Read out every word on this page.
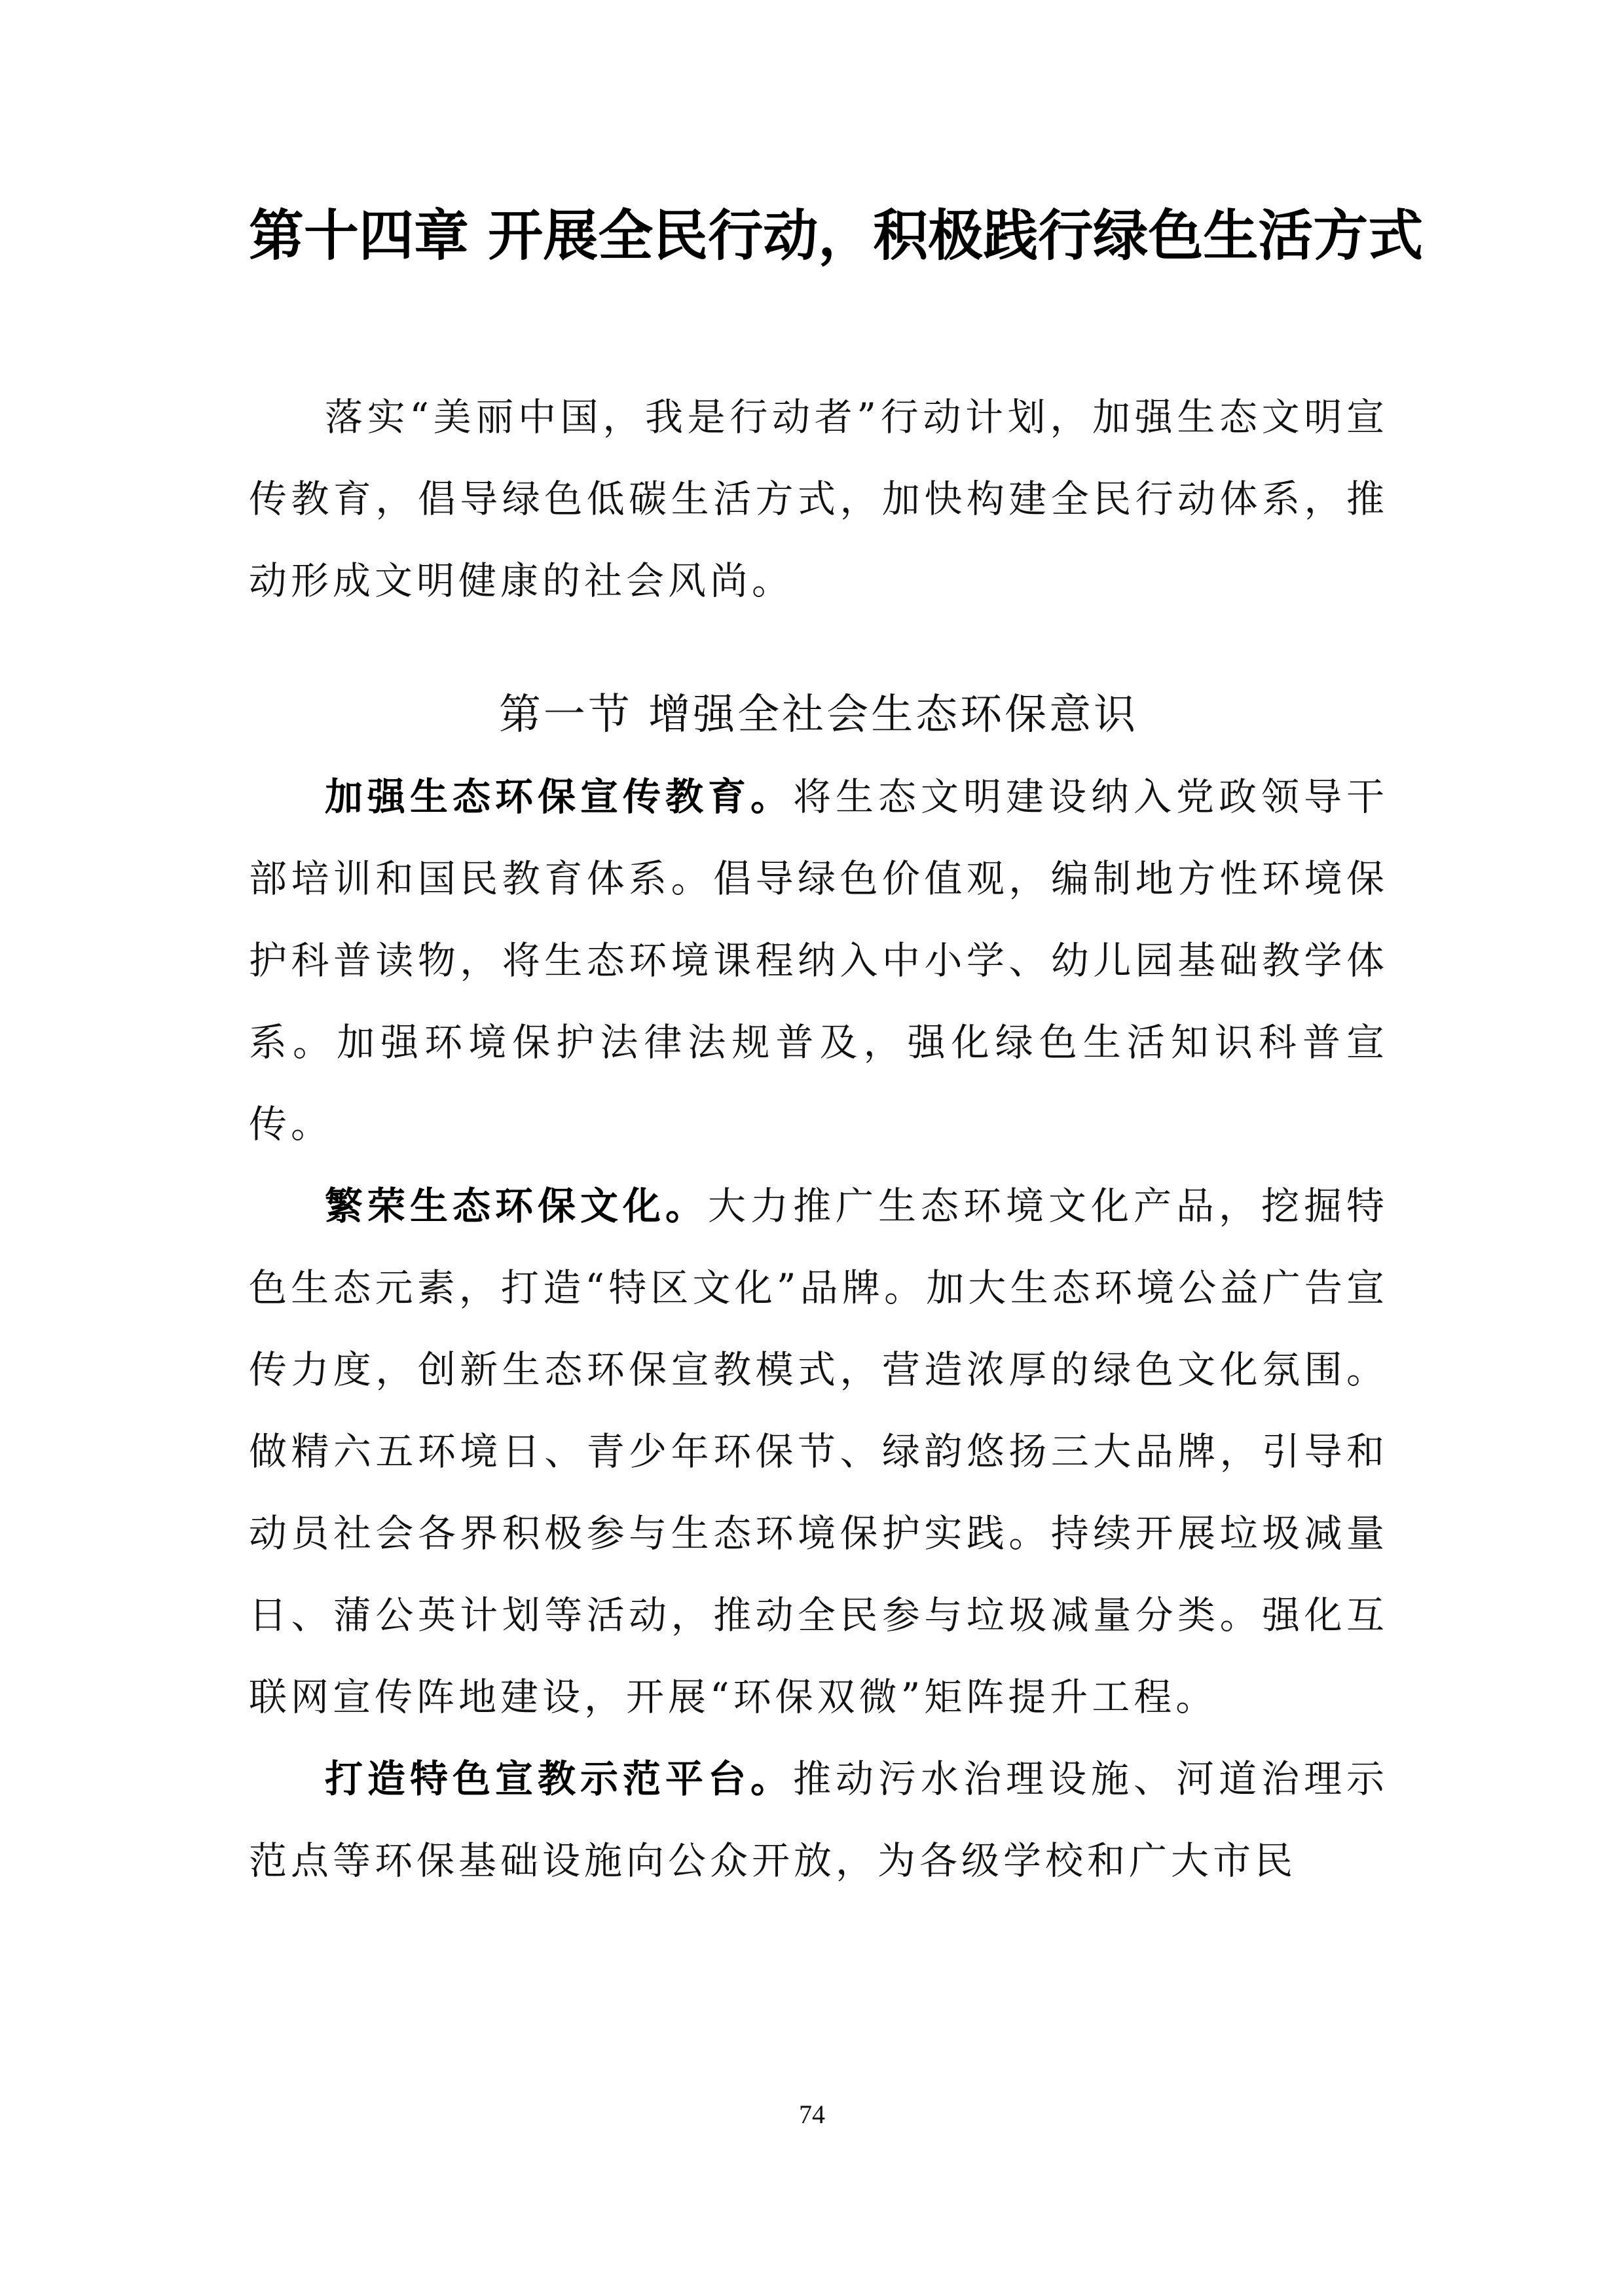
第十四章 开展全民行动，积极践行绿色生活方式

落实“美丽中国，我是行动者”行动计划，加强生态文明宣传教育，倡导绿色低碳生活方式，加快构建全民行动体系，推动形成文明健康的社会风尚。

第一节 增强全社会生态环保意识

加强生态环保宣传教育。将生态文明建设纳入党政领导干部培训和国民教育体系。倡导绿色价值观，编制地方性环境保护科普读物，将生态环境课程纳入中小学、幼儿园基础教学体系。加强环境保护法律法规普及，强化绿色生活知识科普宣传。

繁荣生态环保文化。大力推广生态环境文化产品，挖掘特色生态元素，打造“特区文化”品牌。加大生态环境公益广告宣传力度，创新生态环保宣教模式，营造浓厚的绿色文化氛围。做精六五环境日、青少年环保节、绿韵悠扬三大品牌，引导和动员社会各界积极参与生态环境保护实践。持续开展垃圾减量日、蒲公英计划等活动，推动全民参与垃圾减量分类。强化互联网宣传阵地建设，开展“环保双微”矩阵提升工程。

打造特色宣教示范平台。推动污水治理设施、河道治理示范点等环保基础设施向公众开放，为各级学校和广大市民

74
